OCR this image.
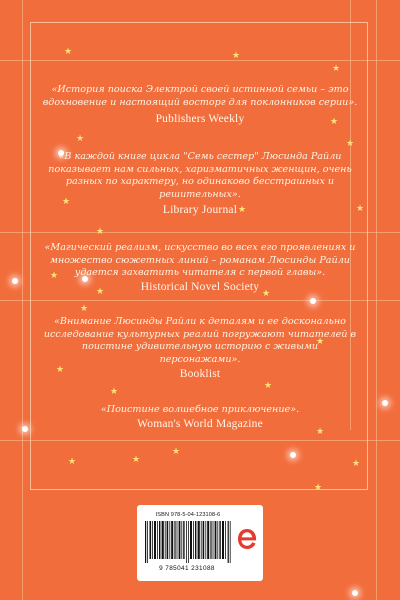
★	★
★
★
★	★
★
★	★
★
★
★	★
★
★
★
★
★
★
★
★	★	★
★
«История поиска Электрой своей истинной семьи – это вдохновение и настоящий восторг для поклонников серии».
Publishers Weekly
«В каждой книге цикла "Семь сестер" Люсинда Райли показывает нам сильных, харизматичных женщин, очень разных по характеру, но одинаково бесстрашных и решительных».
Library Journal
«Магический реализм, искусство во всех его проявлениях и множество сюжетных линий – романам Люсинды Райли удается захватить читателя с первой главы».
Historical Novel Society
«Внимание Люсинды Райли к деталям и ее досконально исследование культурных реалий погружают читателей в поистине удивительную историю с живыми персонажами».
Booklist
«Поистине волшебное приключение».
Woman's World Magazine
ISBN 978-5-04-123108-6
9 785041 231088
